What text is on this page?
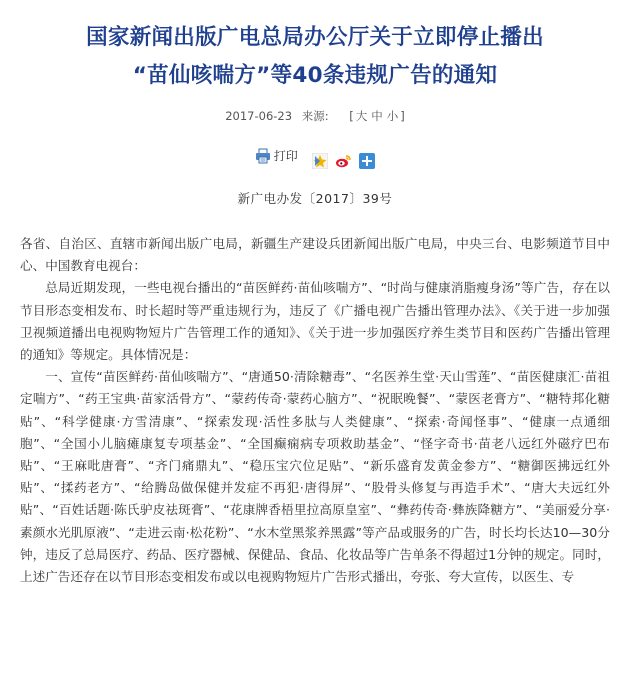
国家新闻出版广电总局办公厅关于立即停止播出
“苗仙咳喘方”等40条违规广告的通知
2017-06-23 来源: [ 大 中 小 ]
打印

新广电办发〔2017〕39号

各省、自治区、直辖市新闻出版广电局，新疆生产建设兵团新闻出版广电局，中央三台、电影频道节目中心、中国教育电视台：

总局近期发现，一些电视台播出的“苗医鲜药·苗仙咳喘方”、“时尚与健康消脂瘦身汤”等广告，存在以节目形态变相发布、时长超时等严重违规行为，违反了《广播电视广告播出管理办法》、《关于进一步加强卫视频道播出电视购物短片广告管理工作的通知》、《关于进一步加强医疗养生类节目和医药广告播出管理的通知》等规定。具体情况是：

一、宣传“苗医鲜药·苗仙咳喘方”、“唐通50·清除糖毒”、“名医养生堂·天山雪莲”、“苗医健康汇·苗祖定喘方”、“药王宝典·苗家活骨方”、“蒙药传奇·蒙药心脑方”、“祝眠晚餐”、“蒙医老膏方”、“糖特邦化糖贴”、“科学健康·方雪清康”、“探索发现·活性多肽与人类健康”、“探索·奇闻怪事”、“健康一点通细胞”、“全国小儿脑瘫康复专项基金”、“全国癫痫病专项救助基金”、“怪字奇书·苗老八远红外磁疗巴布贴”、“王麻吡唐膏”、“齐门痛鼎丸”、“稳压宝穴位足贴”、“新乐盛育发黄金参方”、“糖御医拂远红外贴”、“揉药老方”、“给腾岛做保健并发症不再犯·唐得屏”、“股骨头修复与再造手术”、“唐大夫远红外贴”、“百姓话题·陈氏驴皮祛斑膏”、“花康牌香梧里拉高原皇室”、“彝药传奇·彝族降糖方”、“美丽爱分享·素颜水光肌原液”、“走进云南·松花粉”、“水木堂黑浆养黑露”等产品或服务的广告，时长均长达10—30分钟，违反了总局医疗、药品、医疗器械、保健品、食品、化妆品等广告单条不得超过1分钟的规定。同时，上述广告还存在以节目形态变相发布或以电视购物短片广告形式播出，夸张、夸大宣传，以医生、专
